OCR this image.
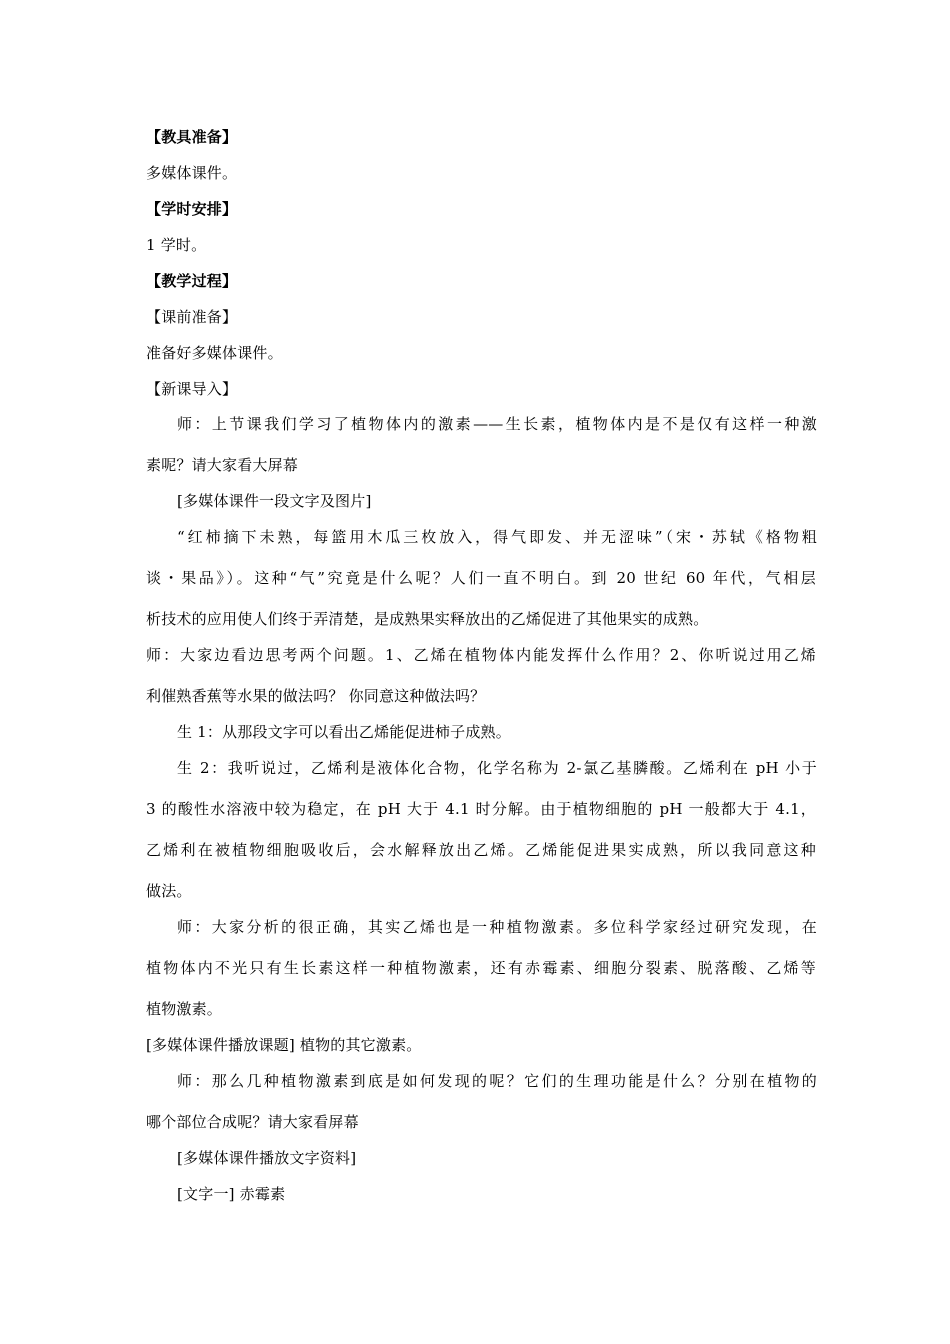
【教具准备】
多媒体课件。
【学时安排】
1 学时。
【教学过程】
【课前准备】
准备好多媒体课件。
【新课导入】
师：上节课我们学习了植物体内的激素——生长素，植物体内是不是仅有这样一种激
素呢？请大家看大屏幕
[多媒体课件一段文字及图片]
“红柿摘下未熟，每篮用木瓜三枚放入，得气即发、并无涩味”（宋・苏轼《格物粗
谈・果品》）。这种“气”究竟是什么呢？人们一直不明白。到 20 世纪 60 年代，气相层
析技术的应用使人们终于弄清楚，是成熟果实释放出的乙烯促进了其他果实的成熟。
师：大家边看边思考两个问题。1、乙烯在植物体内能发挥什么作用？2、你听说过用乙烯
利催熟香蕉等水果的做法吗？ 你同意这种做法吗？
生 1：从那段文字可以看出乙烯能促进柿子成熟。
生 2：我听说过，乙烯利是液体化合物，化学名称为 2-氯乙基膦酸。乙烯利在 pH 小于
3 的酸性水溶液中较为稳定，在 pH 大于 4.1 时分解。由于植物细胞的 pH 一般都大于 4.1，
乙烯利在被植物细胞吸收后，会水解释放出乙烯。乙烯能促进果实成熟，所以我同意这种
做法。
师：大家分析的很正确，其实乙烯也是一种植物激素。多位科学家经过研究发现，在
植物体内不光只有生长素这样一种植物激素，还有赤霉素、细胞分裂素、脱落酸、乙烯等
植物激素。
[多媒体课件播放课题] 植物的其它激素。
师：那么几种植物激素到底是如何发现的呢？它们的生理功能是什么？分别在植物的
哪个部位合成呢？请大家看屏幕
[多媒体课件播放文字资料]
[文字一] 赤霉素
